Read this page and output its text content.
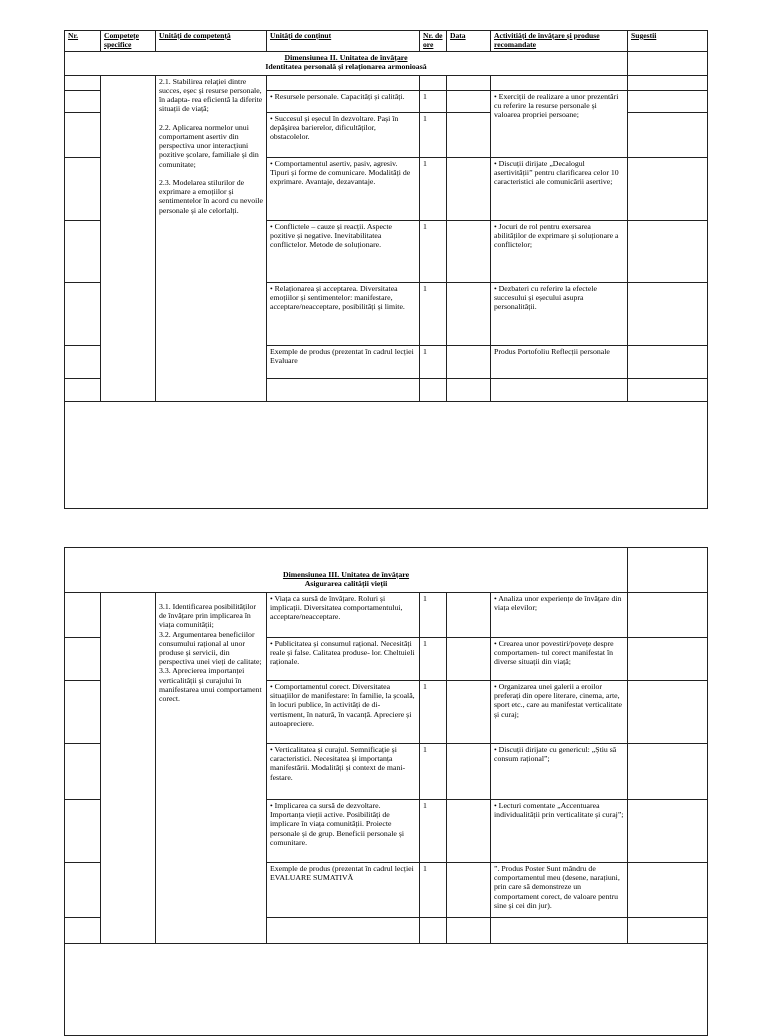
Nr.	Competețe specifice	Unităţi de competenţă	Unităţi de conținut	Nr. de ore	Data	Activitiăți de învățare și produse recomandate	Sugestii

Dimensiunea II. Unitatea de învățare
Identitatea personală și relaționarea armonioasă							

		2.1. Stabilirea relaţiei dintre succes, eșec și resurse personale, în adapta- rea eficientă la diferite situații de viață;

2.2. Aplicarea normelor unui comportament asertiv din perspectiva unor interacțiuni pozitive școlare, familiale și din comunitate;

2.3. Modelarea stilurilor de exprimare a emoțiilor și sentimentelor în acord cu nevoile personale și ale celorlalți.					

			• Resursele personale. Capacități și calități.	1		• Exerciții de realizare a unor prezentări cu referire la resurse personale și valoarea propriei persoane;	
			• Succesul și eșecul în dezvoltare. Pași în depășirea barierelor, dificultăților, obstacolelor.	1			
			• Comportamentul asertiv, pasiv, agresiv. Tipuri și forme de comunicare. Modalități de exprimare. Avantaje, dezavantaje.	1		• Discuții dirijate „Decalogul asertivității” pentru clarificarea celor 10 caracteristici ale comunicării asertive;	
			• Conflictele – cauze și reacții. Aspecte pozitive și negative. Inevitabilitatea conflictelor. Metode de soluționare.	1		• Jocuri de rol pentru exersarea abilităților de exprimare și soluționare a conflictelor;	
			• Relaționarea și acceptarea. Diversitatea emoțiilor și sentimentelor: manifestare, acceptare/neacceptare, posibilități și limite.	1		• Dezbateri cu referire la efectele succesului și eșecului asupra personalității.	
			Exemple de produs (prezentat în cadrul lecției Evaluare	1		Produs Portofoliu Reflecții personale	

Dimensiunea III. Unitatea de învățare
Asigurarea calității vieții							

		3.1. Identificarea posibilităților de învățare prin implicarea în viața comunității;
3.2. Argumentarea beneficiilor consumului rațional al unor produse și servicii, din perspectiva unei vieți de calitate;
3.3. Aprecierea importanței verticalității și curajului în manifestarea unui comportament corect.	• Viața ca sursă de învățare. Roluri și implicații. Diversitatea comportamentului, acceptare/neacceptare.	1		• Analiza unor experiențe de învățare din viața elevilor;	
			• Publicitatea și consumul rațional. Necesități reale și false. Calitatea produse- lor. Cheltuieli raționale.	1		• Crearea unor povestiri/povețe despre comportamen- tul corect manifestat în diverse situații din viață;	
			• Comportamentul corect. Diversitatea situațiilor de manifestare: în familie, la școală, în locuri publice, în activități de di- vertisment, în natură, în vacanță. Apreciere și autoapreciere.	1		• Organizarea unei galerii a eroilor preferați din opere literare, cinema, arte, sport etc., care au manifestat verticalitate și curaj;	
			• Verticalitatea și curajul. Semnificație și caracteristici. Necesitatea și importanța manifestării. Modalități și context de mani- festare.	1		• Discuții dirijate cu genericul: „Știu să consum rațional”;	
			• Implicarea ca sursă de dezvoltare. Importanța vieții active. Posibilități de implicare în viața comunității. Proiecte personale și de grup. Beneficii personale și comunitare.	1		• Lecturi comentate „Accentuarea individualității prin verticalitate și curaj”;	
			Exemple de produs (prezentat în cadrul lecției EVALUARE SUMATIVĂ	1		”. Produs Poster Sunt mândru de comportamentul meu (desene, narațiuni, prin care să demonstreze un comportament corect, de valoare pentru sine și cei din jur).	
